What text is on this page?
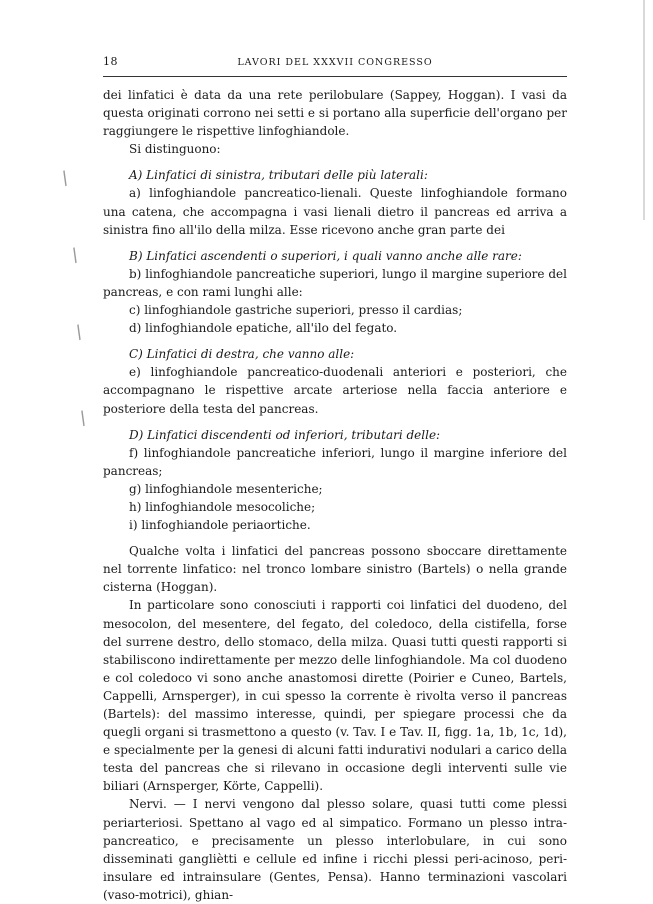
18	LAVORI DEL XXXVII CONGRESSO

dei linfatici è data da una rete perilobulare (Sappey, Hoggan). I vasi da questa originati corrono nei setti e si portano alla superficie dell'organo per raggiungere le rispettive linfoghiandole.

Si distinguono:

A) Linfatici di sinistra, tributari delle più laterali:

a) linfoghiandole pancreatico-lienali. Queste linfoghiandole formano una catena, che accompagna i vasi lienali dietro il pancreas ed arriva a sinistra fino all'ilo della milza. Esse ricevono anche gran parte dei

B) Linfatici ascendenti o superiori, i quali vanno anche alle rare:

b) linfoghiandole pancreatiche superiori, lungo il margine superiore del pancreas, e con rami lunghi alle:

c) linfoghiandole gastriche superiori, presso il cardias;

d) linfoghiandole epatiche, all'ilo del fegato.

C) Linfatici di destra, che vanno alle:

e) linfoghiandole pancreatico-duodenali anteriori e posteriori, che accompagnano le rispettive arcate arteriose nella faccia anteriore e posteriore della testa del pancreas.

D) Linfatici discendenti od inferiori, tributari delle:

f) linfoghiandole pancreatiche inferiori, lungo il margine inferiore del pancreas;

g) linfoghiandole mesenteriche;

h) linfoghiandole mesocoliche;

i) linfoghiandole periaortiche.

Qualche volta i linfatici del pancreas possono sboccare direttamente nel torrente linfatico: nel tronco lombare sinistro (Bartels) o nella grande cisterna (Hoggan).

In particolare sono conosciuti i rapporti coi linfatici del duodeno, del mesocolon, del mesentere, del fegato, del coledoco, della cistifella, forse del surrene destro, dello stomaco, della milza. Quasi tutti questi rapporti si stabiliscono indirettamente per mezzo delle linfoghiandole. Ma col duodeno e col coledoco vi sono anche anastomosi dirette (Poirier e Cuneo, Bartels, Cappelli, Arnsperger), in cui spesso la corrente è rivolta verso il pancreas (Bartels): del massimo interesse, quindi, per spiegare processi che da quegli organi si trasmettono a questo (v. Tav. I e Tav. II, figg. 1a, 1b, 1c, 1d), e specialmente per la genesi di alcuni fatti indurativi nodulari a carico della testa del pancreas che si rilevano in occasione degli interventi sulle vie biliari (Arnsperger, Körte, Cappelli).

Nervi. — I nervi vengono dal plesso solare, quasi tutti come plessi periarteriosi. Spettano al vago ed al simpatico. Formano un plesso intra-pancreatico, e precisamente un plesso interlobulare, in cui sono disseminati gangliètti e cellule ed infine i ricchi plessi peri-acinoso, peri-insulare ed intrainsulare (Gentes, Pensa). Hanno terminazioni vascolari (vaso-motrici), ghian-

/
/
/
/
